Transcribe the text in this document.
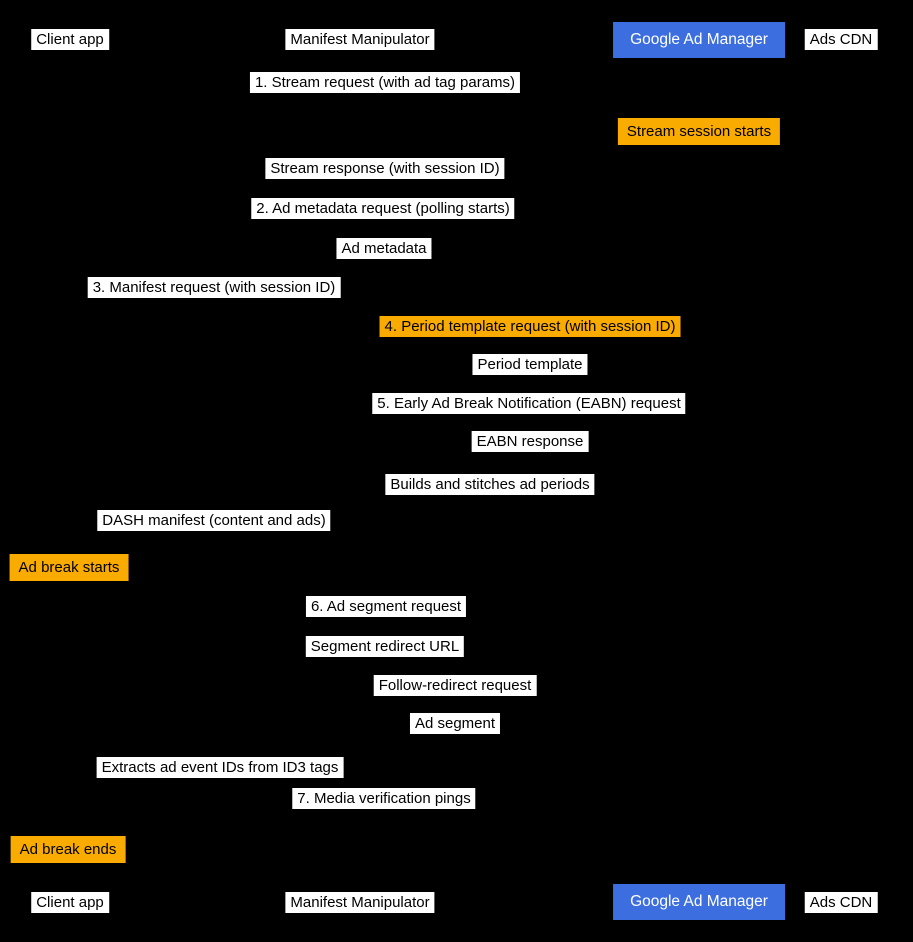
Client app	Manifest Manipulator	Google Ad Manager	Ads CDN
1. Stream request (with ad tag params)
Stream session starts
Stream response (with session ID)
2. Ad metadata request (polling starts)
Ad metadata
3. Manifest request (with session ID)
4. Period template request (with session ID)
Period template
5. Early Ad Break Notification (EABN) request
EABN response
Builds and stitches ad periods
DASH manifest (content and ads)
Ad break starts
6. Ad segment request
Segment redirect URL
Follow-redirect request
Ad segment
Extracts ad event IDs from ID3 tags
7. Media verification pings
Ad break ends
Client app	Manifest Manipulator	Google Ad Manager	Ads CDN
